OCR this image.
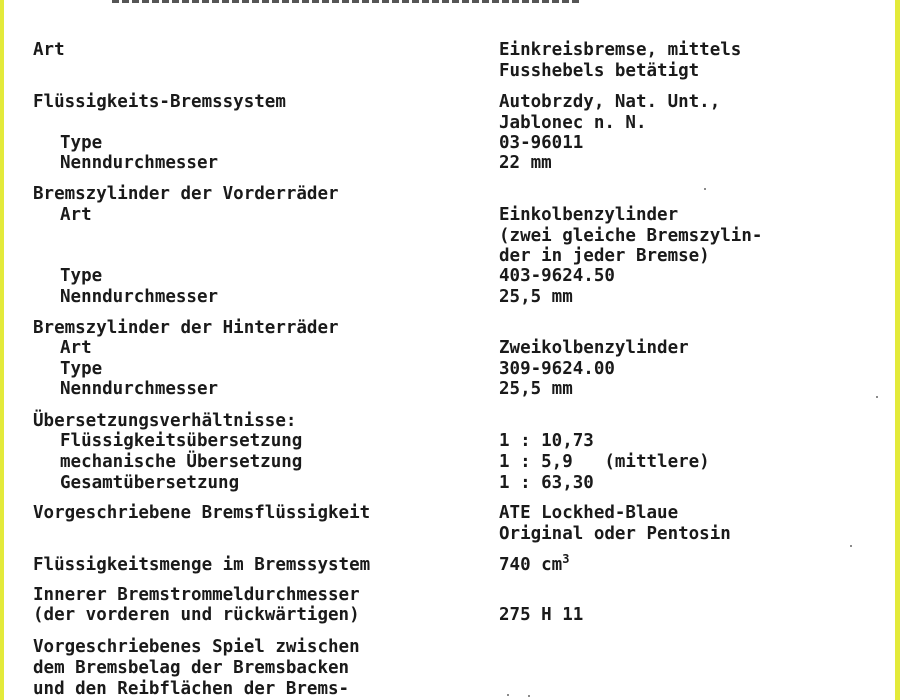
Art	Einkreisbremse, mittels
Fusshebels betätigt
Flüssigkeits-Bremssystem	Autobrzdy, Nat. Unt.,
Jablonec n. N.
Type	03-96011
Nenndurchmesser	22 mm
Bremszylinder der Vorderräder
Art	Einkolbenzylinder
(zwei gleiche Bremszylin-
der in jeder Bremse)
Type	403-9624.50
Nenndurchmesser	25,5 mm
Bremszylinder der Hinterräder
Art	Zweikolbenzylinder
Type	309-9624.00
Nenndurchmesser	25,5 mm
Übersetzungsverhältnisse:
Flüssigkeitsübersetzung	1 : 10,73
mechanische Übersetzung	1 : 5,9   (mittlere)
Gesamtübersetzung	1 : 63,30
Vorgeschriebene Bremsflüssigkeit	ATE Lockhed-Blaue
Original oder Pentosin
Flüssigkeitsmenge im Bremssystem	740 $cm^3$
Innerer Bremstrommeldurchmesser
(der vorderen und rückwärtigen)	275 H 11
Vorgeschriebenes Spiel zwischen
dem Bremsbelag der Bremsbacken
und den Reibflächen der Brems-
